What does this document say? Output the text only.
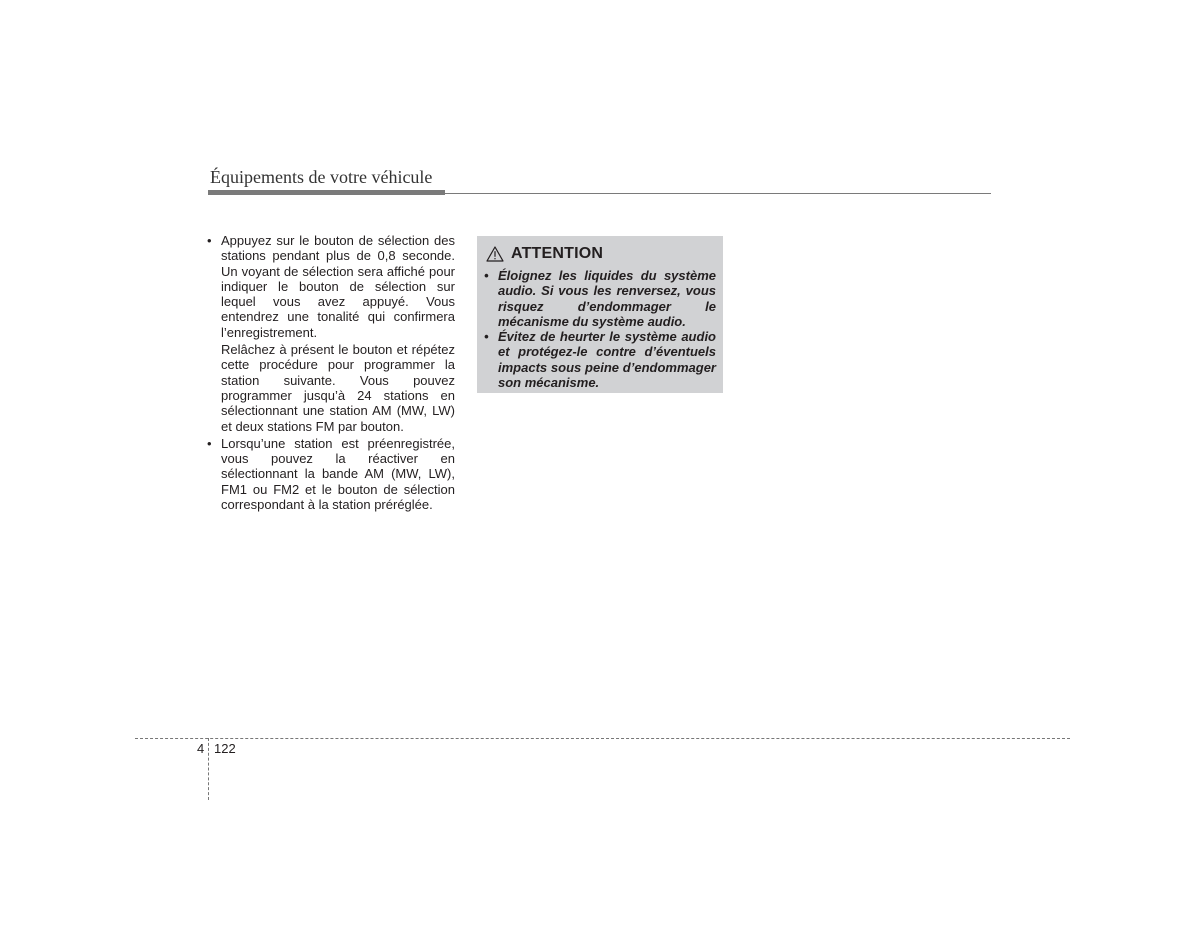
Équipements de votre véhicule
• Appuyez sur le bouton de sélection des stations pendant plus de 0,8 seconde. Un voyant de sélection sera affiché pour indiquer le bouton de sélection sur lequel vous avez appuyé. Vous entendrez une tonalité qui confirmera l’enregistrement.

Relâchez à présent le bouton et répétez cette procédure pour programmer la station suivante. Vous pouvez programmer jusqu’à 24 stations en sélectionnant une station AM (MW, LW) et deux stations FM par bouton.

• Lorsqu’une station est préenregistrée, vous pouvez la réactiver en sélectionnant la bande AM (MW, LW), FM1 ou FM2 et le bouton de sélection correspondant à la station préréglée.

ATTENTION
• Éloignez les liquides du système audio. Si vous les renversez, vous risquez d’endommager le mécanisme du système audio.
• Évitez de heurter le système audio et protégez-le contre d’éventuels impacts sous peine d’endommager son mécanisme.
4 122
